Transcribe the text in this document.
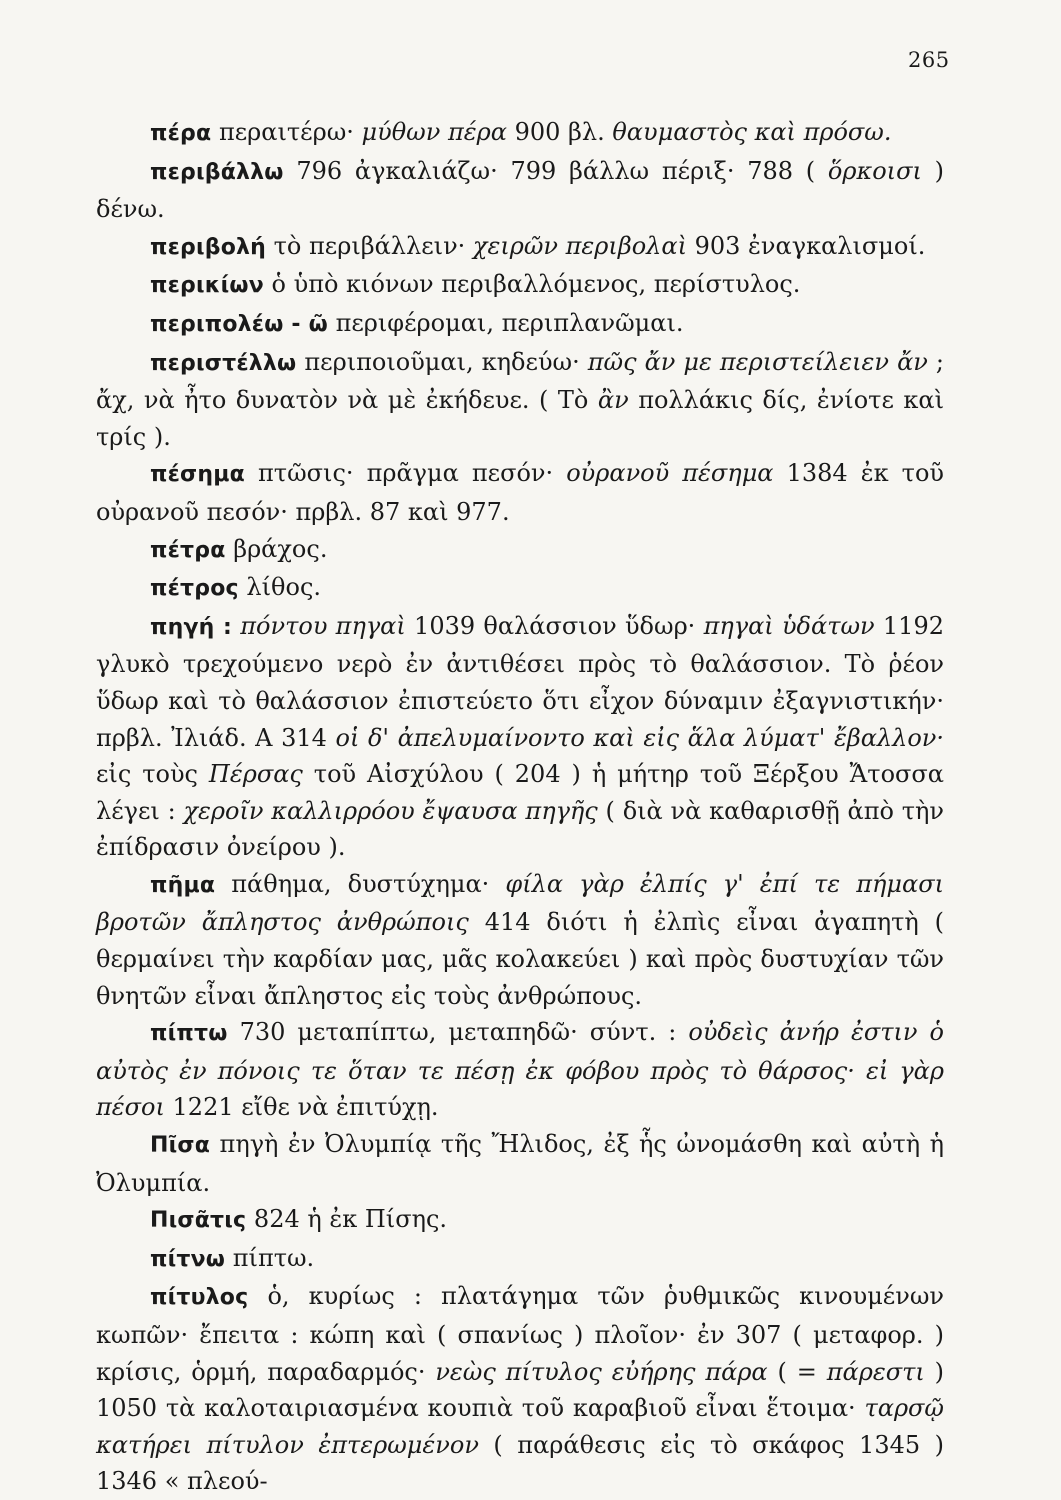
265

πέρα περαιτέρω· μύθων πέρα 900 βλ. θαυμαστὸς καὶ πρόσω.

περιβάλλω 796 ἀγκαλιάζω· 799 βάλλω πέριξ· 788 ( ὅρκοισι ) δένω.

περιβολή τὸ περιβάλλειν· χειρῶν περιβολαὶ 903 ἐναγκαλισμοί.

περικίων ὁ ὑπὸ κιόνων περιβαλλόμενος, περίστυλος.

περιπολέω - ῶ περιφέρομαι, περιπλανῶμαι.

περιστέλλω περιποιοῦμαι, κηδεύω· πῶς ἄν με περιστείλειεν ἄν ; ἄχ, νὰ ἦτο δυνατὸν νὰ μὲ ἐκήδευε. ( Τὸ ἂν πολλάκις δίς, ἐνίοτε καὶ τρίς ).

πέσημα πτῶσις· πρᾶγμα πεσόν· οὐρανοῦ πέσημα 1384 ἐκ τοῦ οὐρανοῦ πεσόν· πρβλ. 87 καὶ 977.

πέτρα βράχος.

πέτρος λίθος.

πηγή : πόντου πηγαὶ 1039 θαλάσσιον ὕδωρ· πηγαὶ ὑδάτων 1192 γλυκὸ τρεχούμενο νερὸ ἐν ἀντιθέσει πρὸς τὸ θαλάσσιον. Τὸ ῥέον ὕδωρ καὶ τὸ θαλάσσιον ἐπιστεύετο ὅτι εἶχον δύναμιν ἐξαγνιστικήν· πρβλ. Ἰλιάδ. Α 314 οἱ δ' ἀπελυμαίνοντο καὶ εἰς ἅλα λύματ' ἔβαλλον· εἰς τοὺς Πέρσας τοῦ Αἰσχύλου ( 204 ) ἡ μήτηρ τοῦ Ξέρξου Ἄτοσσα λέγει : χεροῖν καλλιρρόου ἔψαυσα πηγῆς ( διὰ νὰ καθαρισθῇ ἀπὸ τὴν ἐπίδρασιν ὀνείρου ).

πῆμα πάθημα, δυστύχημα· φίλα γὰρ ἐλπίς γ' ἐπί τε πήμασι βροτῶν ἄπληστος ἀνθρώποις 414 διότι ἡ ἐλπὶς εἶναι ἀγαπητὴ ( θερμαίνει τὴν καρδίαν μας, μᾶς κολακεύει ) καὶ πρὸς δυστυχίαν τῶν θνητῶν εἶναι ἄπληστος εἰς τοὺς ἀνθρώπους.

πίπτω 730 μεταπίπτω, μεταπηδῶ· σύντ. : οὐδεὶς ἀνήρ ἐστιν ὁ αὐτὸς ἐν πόνοις τε ὅταν τε πέσῃ ἐκ φόβου πρὸς τὸ θάρσος· εἰ γὰρ πέσοι 1221 εἴθε νὰ ἐπιτύχῃ.

Πῖσα πηγὴ ἐν Ὀλυμπίᾳ τῆς Ἤλιδος, ἐξ ἧς ὠνομάσθη καὶ αὐτὴ ἡ Ὀλυμπία.

Πισᾶτις 824 ἡ ἐκ Πίσης.

πίτνω πίπτω.

πίτυλος ὁ, κυρίως : πλατάγημα τῶν ῥυθμικῶς κινουμένων κωπῶν· ἔπειτα : κώπη καὶ ( σπανίως ) πλοῖον· ἐν 307 ( μεταφορ. ) κρίσις, ὁρμή, παραδαρμός· νεὼς πίτυλος εὐήρης πάρα ( = πάρεστι ) 1050 τὰ καλοταιριασμένα κουπιὰ τοῦ καραβιοῦ εἶναι ἕτοιμα· ταρσῷ κατήρει πίτυλον ἐπτερωμένον ( παράθεσις εἰς τὸ σκάφος 1345 ) 1346 « πλεού-
